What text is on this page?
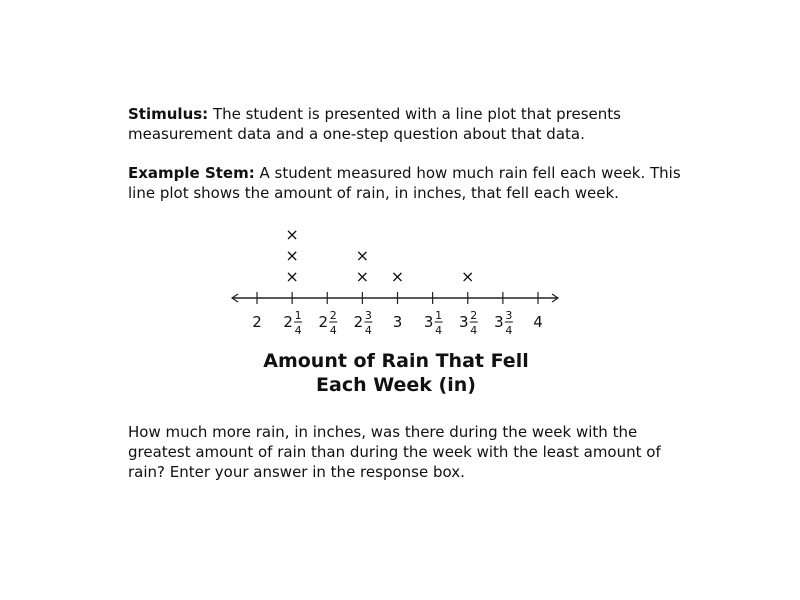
Stimulus: The student is presented with a line plot that presents measurement data and a one-step question about that data.

Example Stem: A student measured how much rain fell each week. This line plot shows the amount of rain, in inches, that fell each week.

2 2 1
4 2 2
4 2 3
4 3 3 1
4 3 2
4 3 3
4 4
×
×
×
×
×
×	×
Amount of Rain That Fell
Each Week (in)

How much more rain, in inches, was there during the week with the greatest amount of rain than during the week with the least amount of rain? Enter your answer in the response box.
